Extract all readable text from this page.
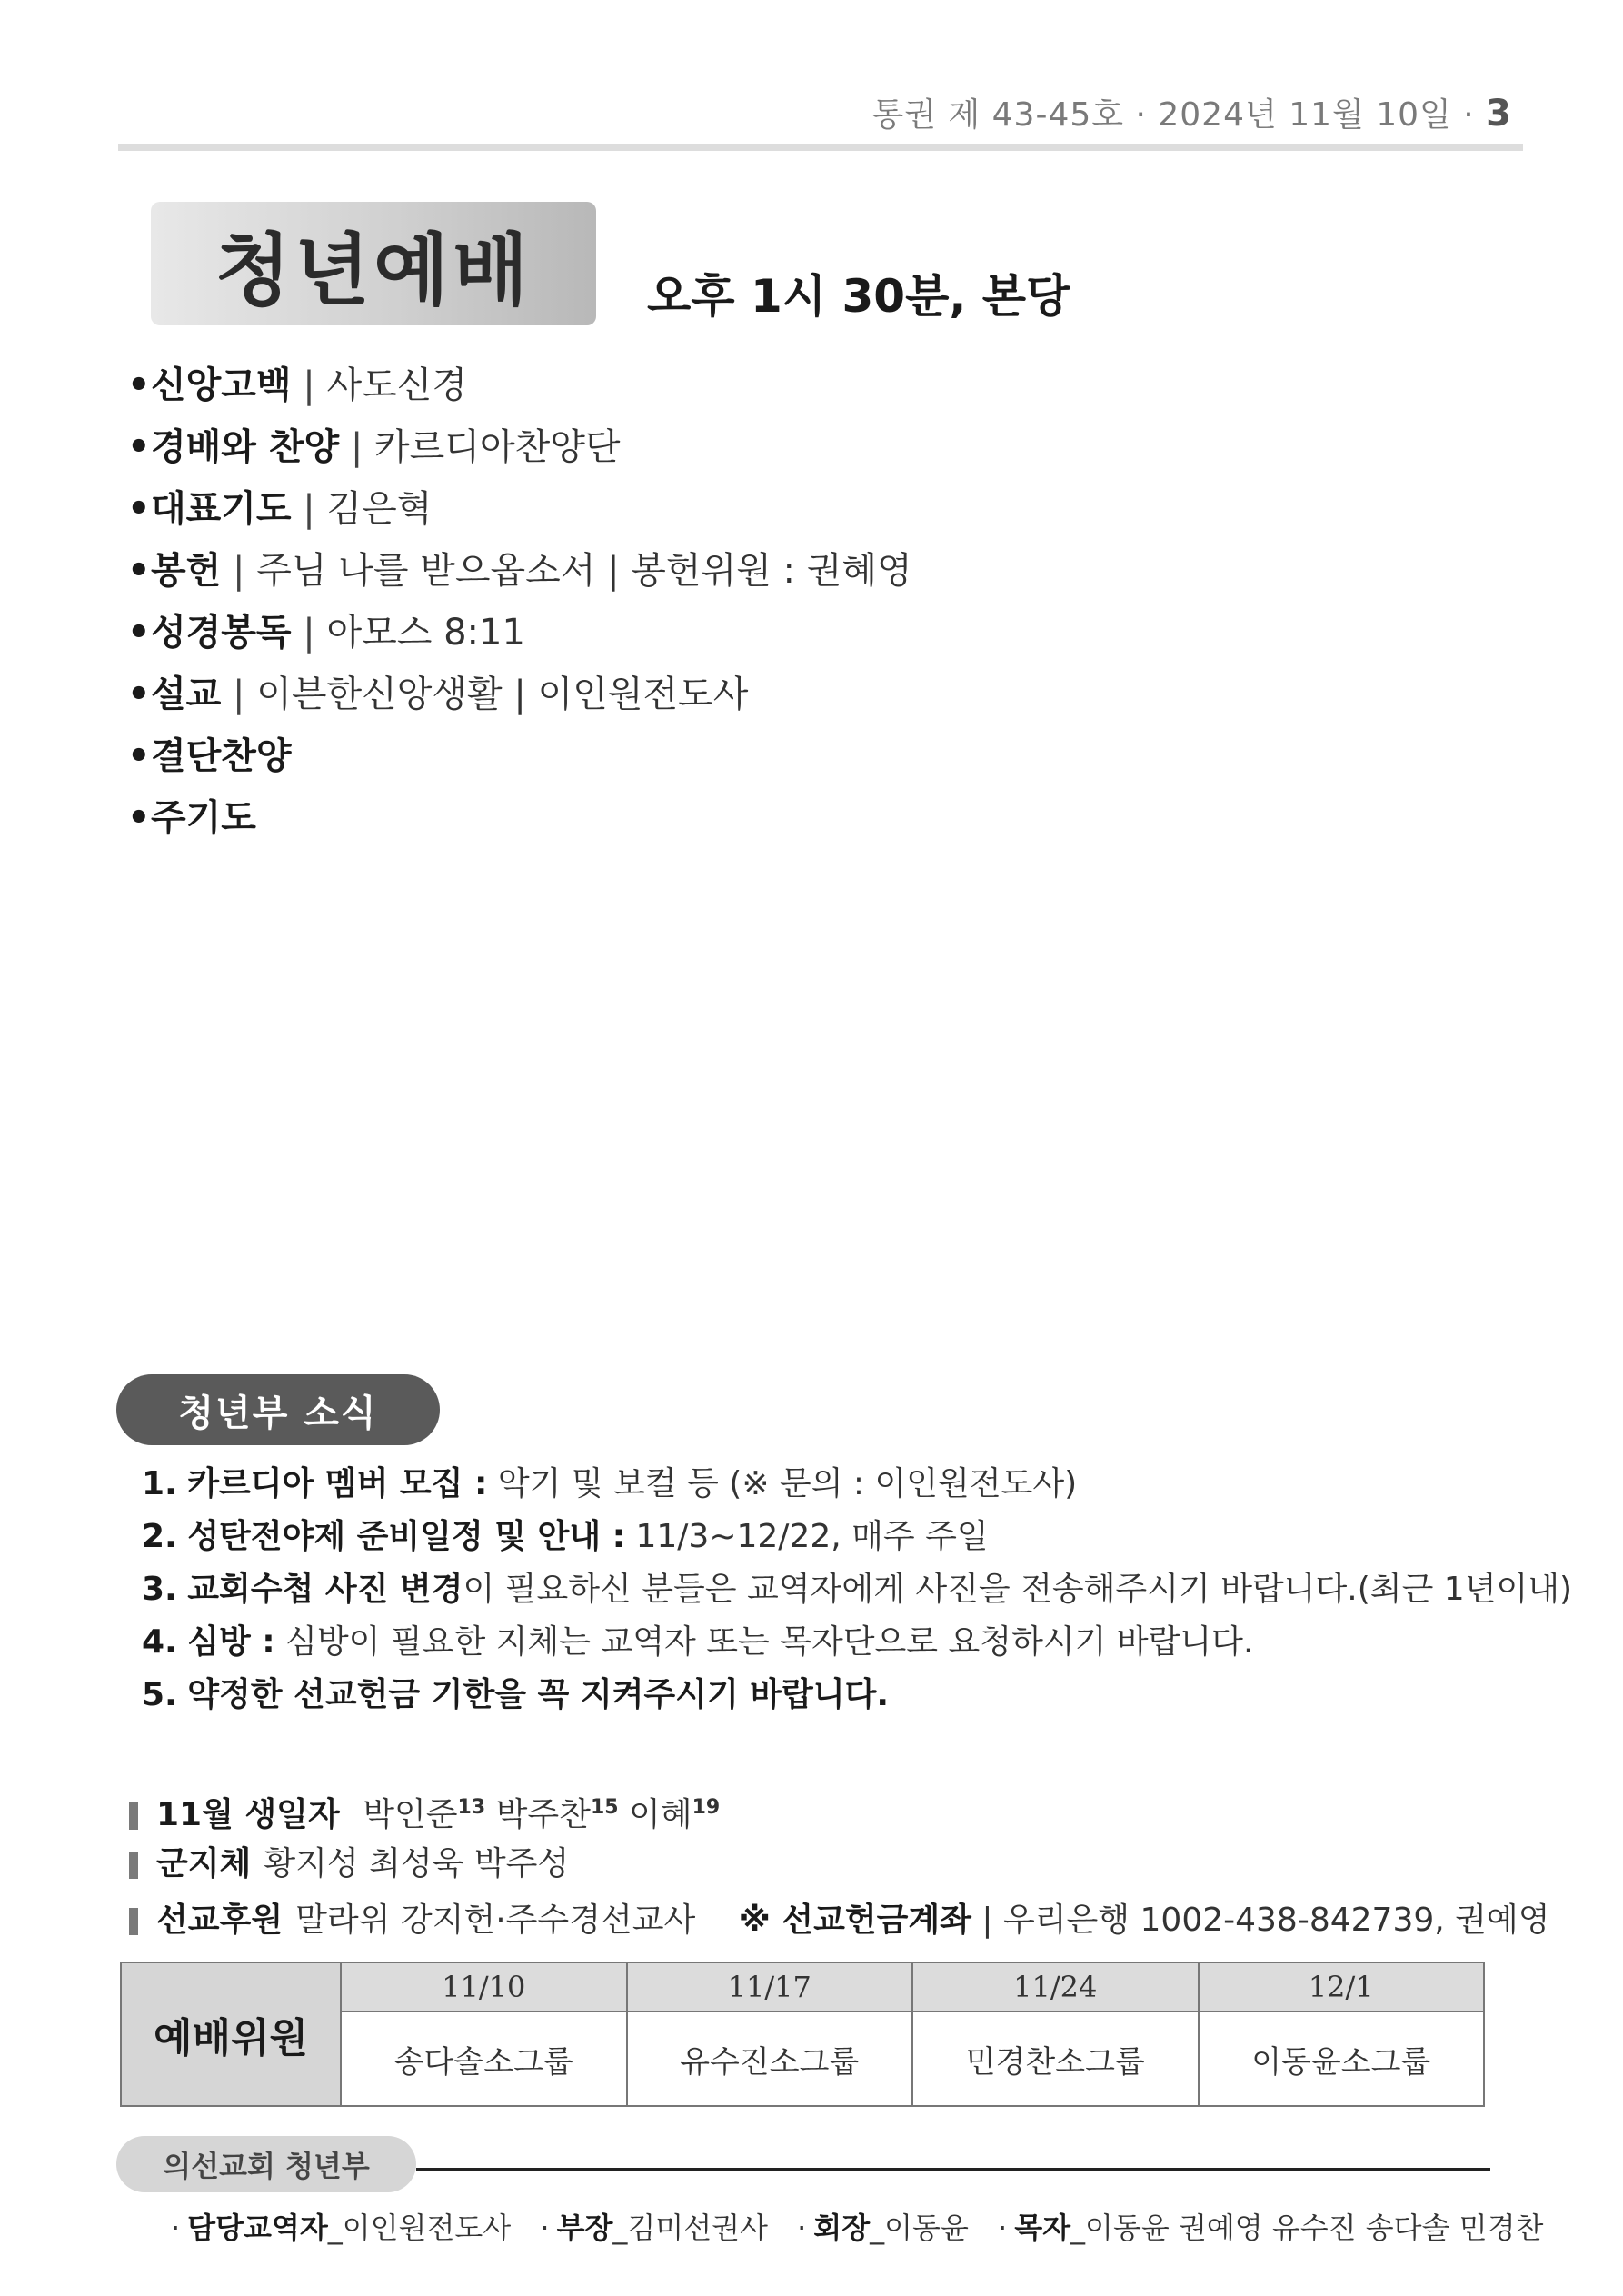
통권 제 43-45호 · 2024년 11월 10일 · 3
청년예배	오후 1시 30분, 본당
•신앙고백 | 사도신경
•경배와 찬양 | 카르디아찬양단
•대표기도 | 김은혁
•봉헌 | 주님 나를 받으옵소서 | 봉헌위원 : 권혜영
•성경봉독 | 아모스 8:11
•설교 | 이븐한신앙생활 | 이인원전도사
•결단찬양
•주기도
청년부 소식
1. 카르디아 멤버 모집 : 악기 및 보컬 등 (※ 문의 : 이인원전도사)
2. 성탄전야제 준비일정 및 안내 : 11/3~12/22, 매주 주일
3. 교회수첩 사진 변경이 필요하신 분들은 교역자에게 사진을 전송해주시기 바랍니다.(최근 1년이내)
4. 심방 : 심방이 필요한 지체는 교역자 또는 목자단으로 요청하시기 바랍니다.
5. 약정한 선교헌금 기한을 꼭 지켜주시기 바랍니다.
11월 생일자 박인준$^{13}$ 박주찬$^{15}$ 이혜$^{19}$
군지체 황지성 최성욱 박주성
선교후원 말라위 강지헌·주수경선교사 ※ 선교헌금계좌 | 우리은행 1002-438-842739, 권예영
예배위원	11/10	11/17	11/24	12/1
	송다솔소그룹	유수진소그룹	민경찬소그룹	이동윤소그룹
의선교회 청년부
· 담당교역자_이인원전도사 · 부장_김미선권사 · 회장_이동윤 · 목자_이동윤 권예영 유수진 송다솔 민경찬
